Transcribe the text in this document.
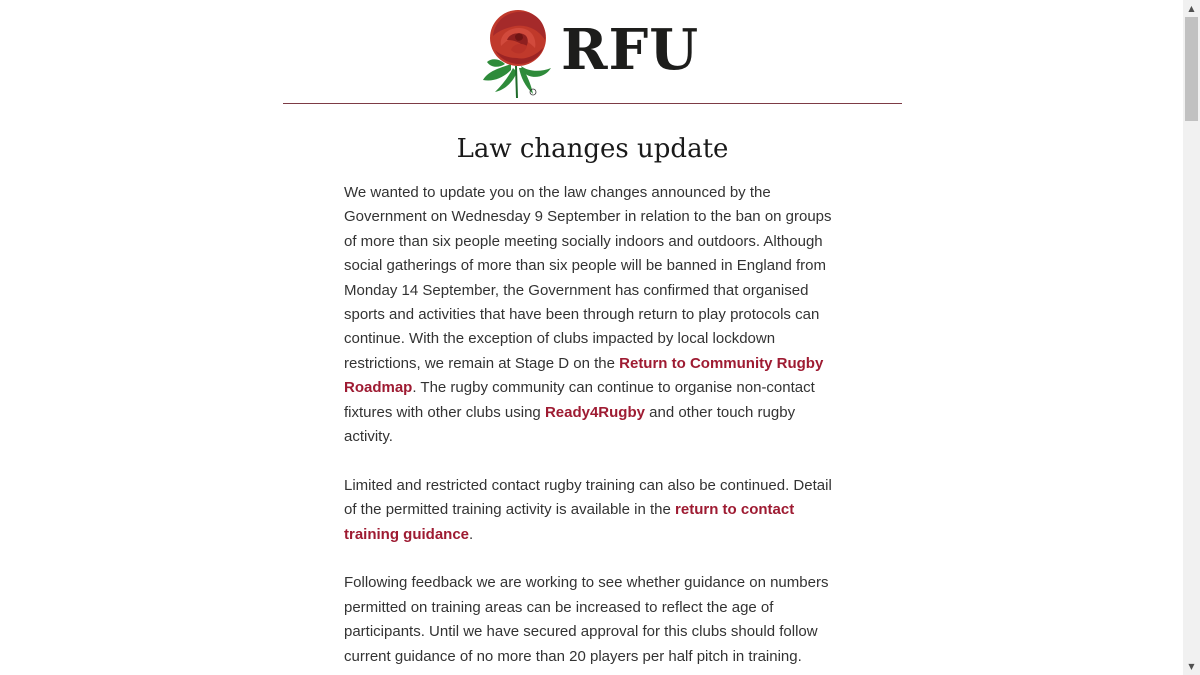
RFU
Law changes update

We wanted to update you on the law changes announced by the Government on Wednesday 9 September in relation to the ban on groups of more than six people meeting socially indoors and outdoors. Although social gatherings of more than six people will be banned in England from Monday 14 September, the Government has confirmed that organised sports and activities that have been through return to play protocols can continue. With the exception of clubs impacted by local lockdown restrictions, we remain at Stage D on the Return to Community Rugby Roadmap. The rugby community can continue to organise non-contact fixtures with other clubs using Ready4Rugby and other touch rugby activity.

Limited and restricted contact rugby training can also be continued. Detail of the permitted training activity is available in the return to contact training guidance.

Following feedback we are working to see whether guidance on numbers permitted on training areas can be increased to reflect the age of participants. Until we have secured approval for this clubs should follow current guidance of no more than 20 players per half pitch in training.

▲
▼
